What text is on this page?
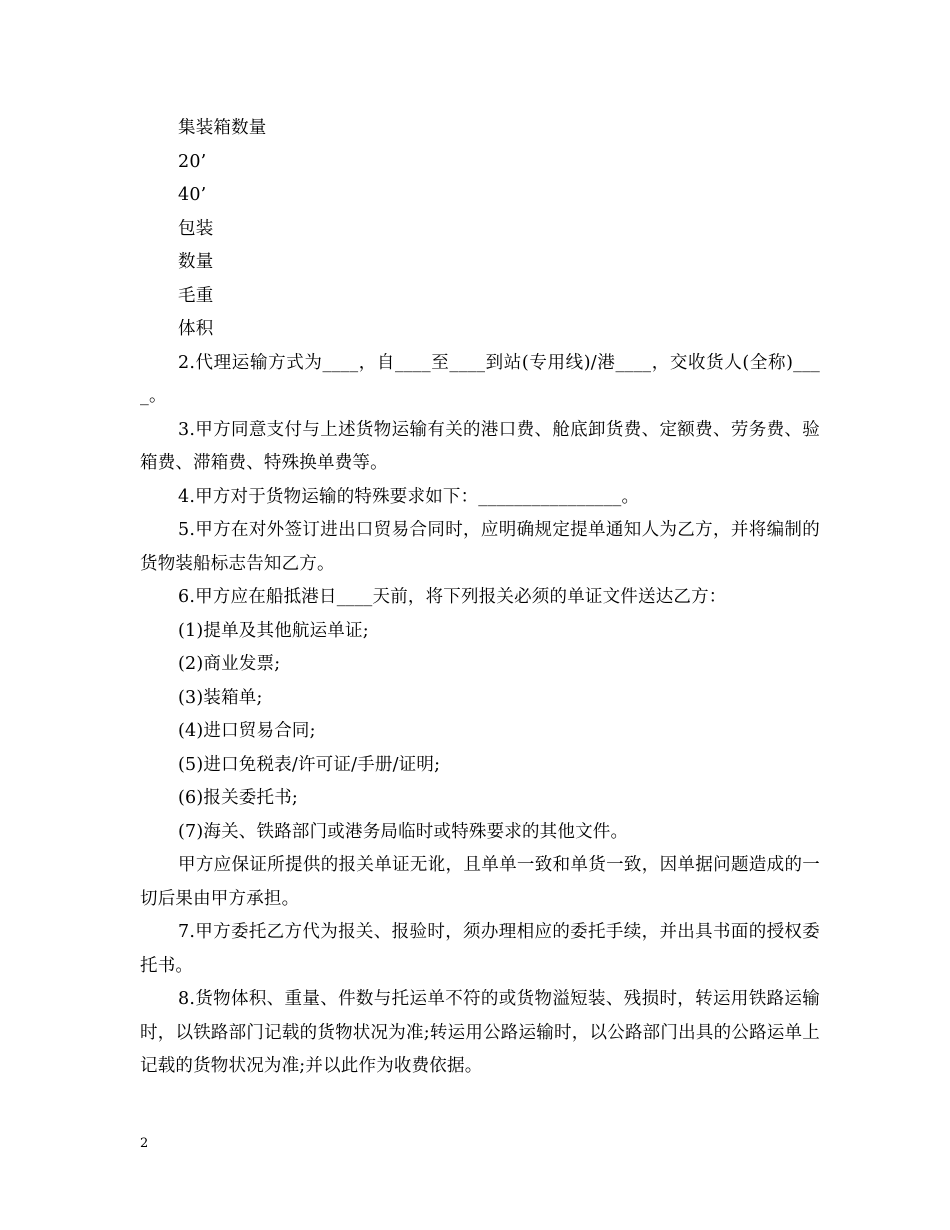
集装箱数量

20’

40’

包装

数量

毛重

体积

2.代理运输方式为____，自____至____到站(专用线)/港____，交收货人(全称)____。

3.甲方同意支付与上述货物运输有关的港口费、舱底卸货费、定额费、劳务费、验箱费、滞箱费、特殊换单费等。

4.甲方对于货物运输的特殊要求如下：________________。

5.甲方在对外签订进出口贸易合同时，应明确规定提单通知人为乙方，并将编制的货物装船标志告知乙方。

6.甲方应在船抵港日____天前，将下列报关必须的单证文件送达乙方：

(1)提单及其他航运单证;

(2)商业发票;

(3)装箱单;

(4)进口贸易合同;

(5)进口免税表/许可证/手册/证明;

(6)报关委托书;

(7)海关、铁路部门或港务局临时或特殊要求的其他文件。

甲方应保证所提供的报关单证无讹，且单单一致和单货一致，因单据问题造成的一切后果由甲方承担。

7.甲方委托乙方代为报关、报验时，须办理相应的委托手续，并出具书面的授权委托书。

8.货物体积、重量、件数与托运单不符的或货物溢短装、残损时，转运用铁路运输时，以铁路部门记载的货物状况为准;转运用公路运输时，以公路部门出具的公路运单上记载的货物状况为准;并以此作为收费依据。

2
